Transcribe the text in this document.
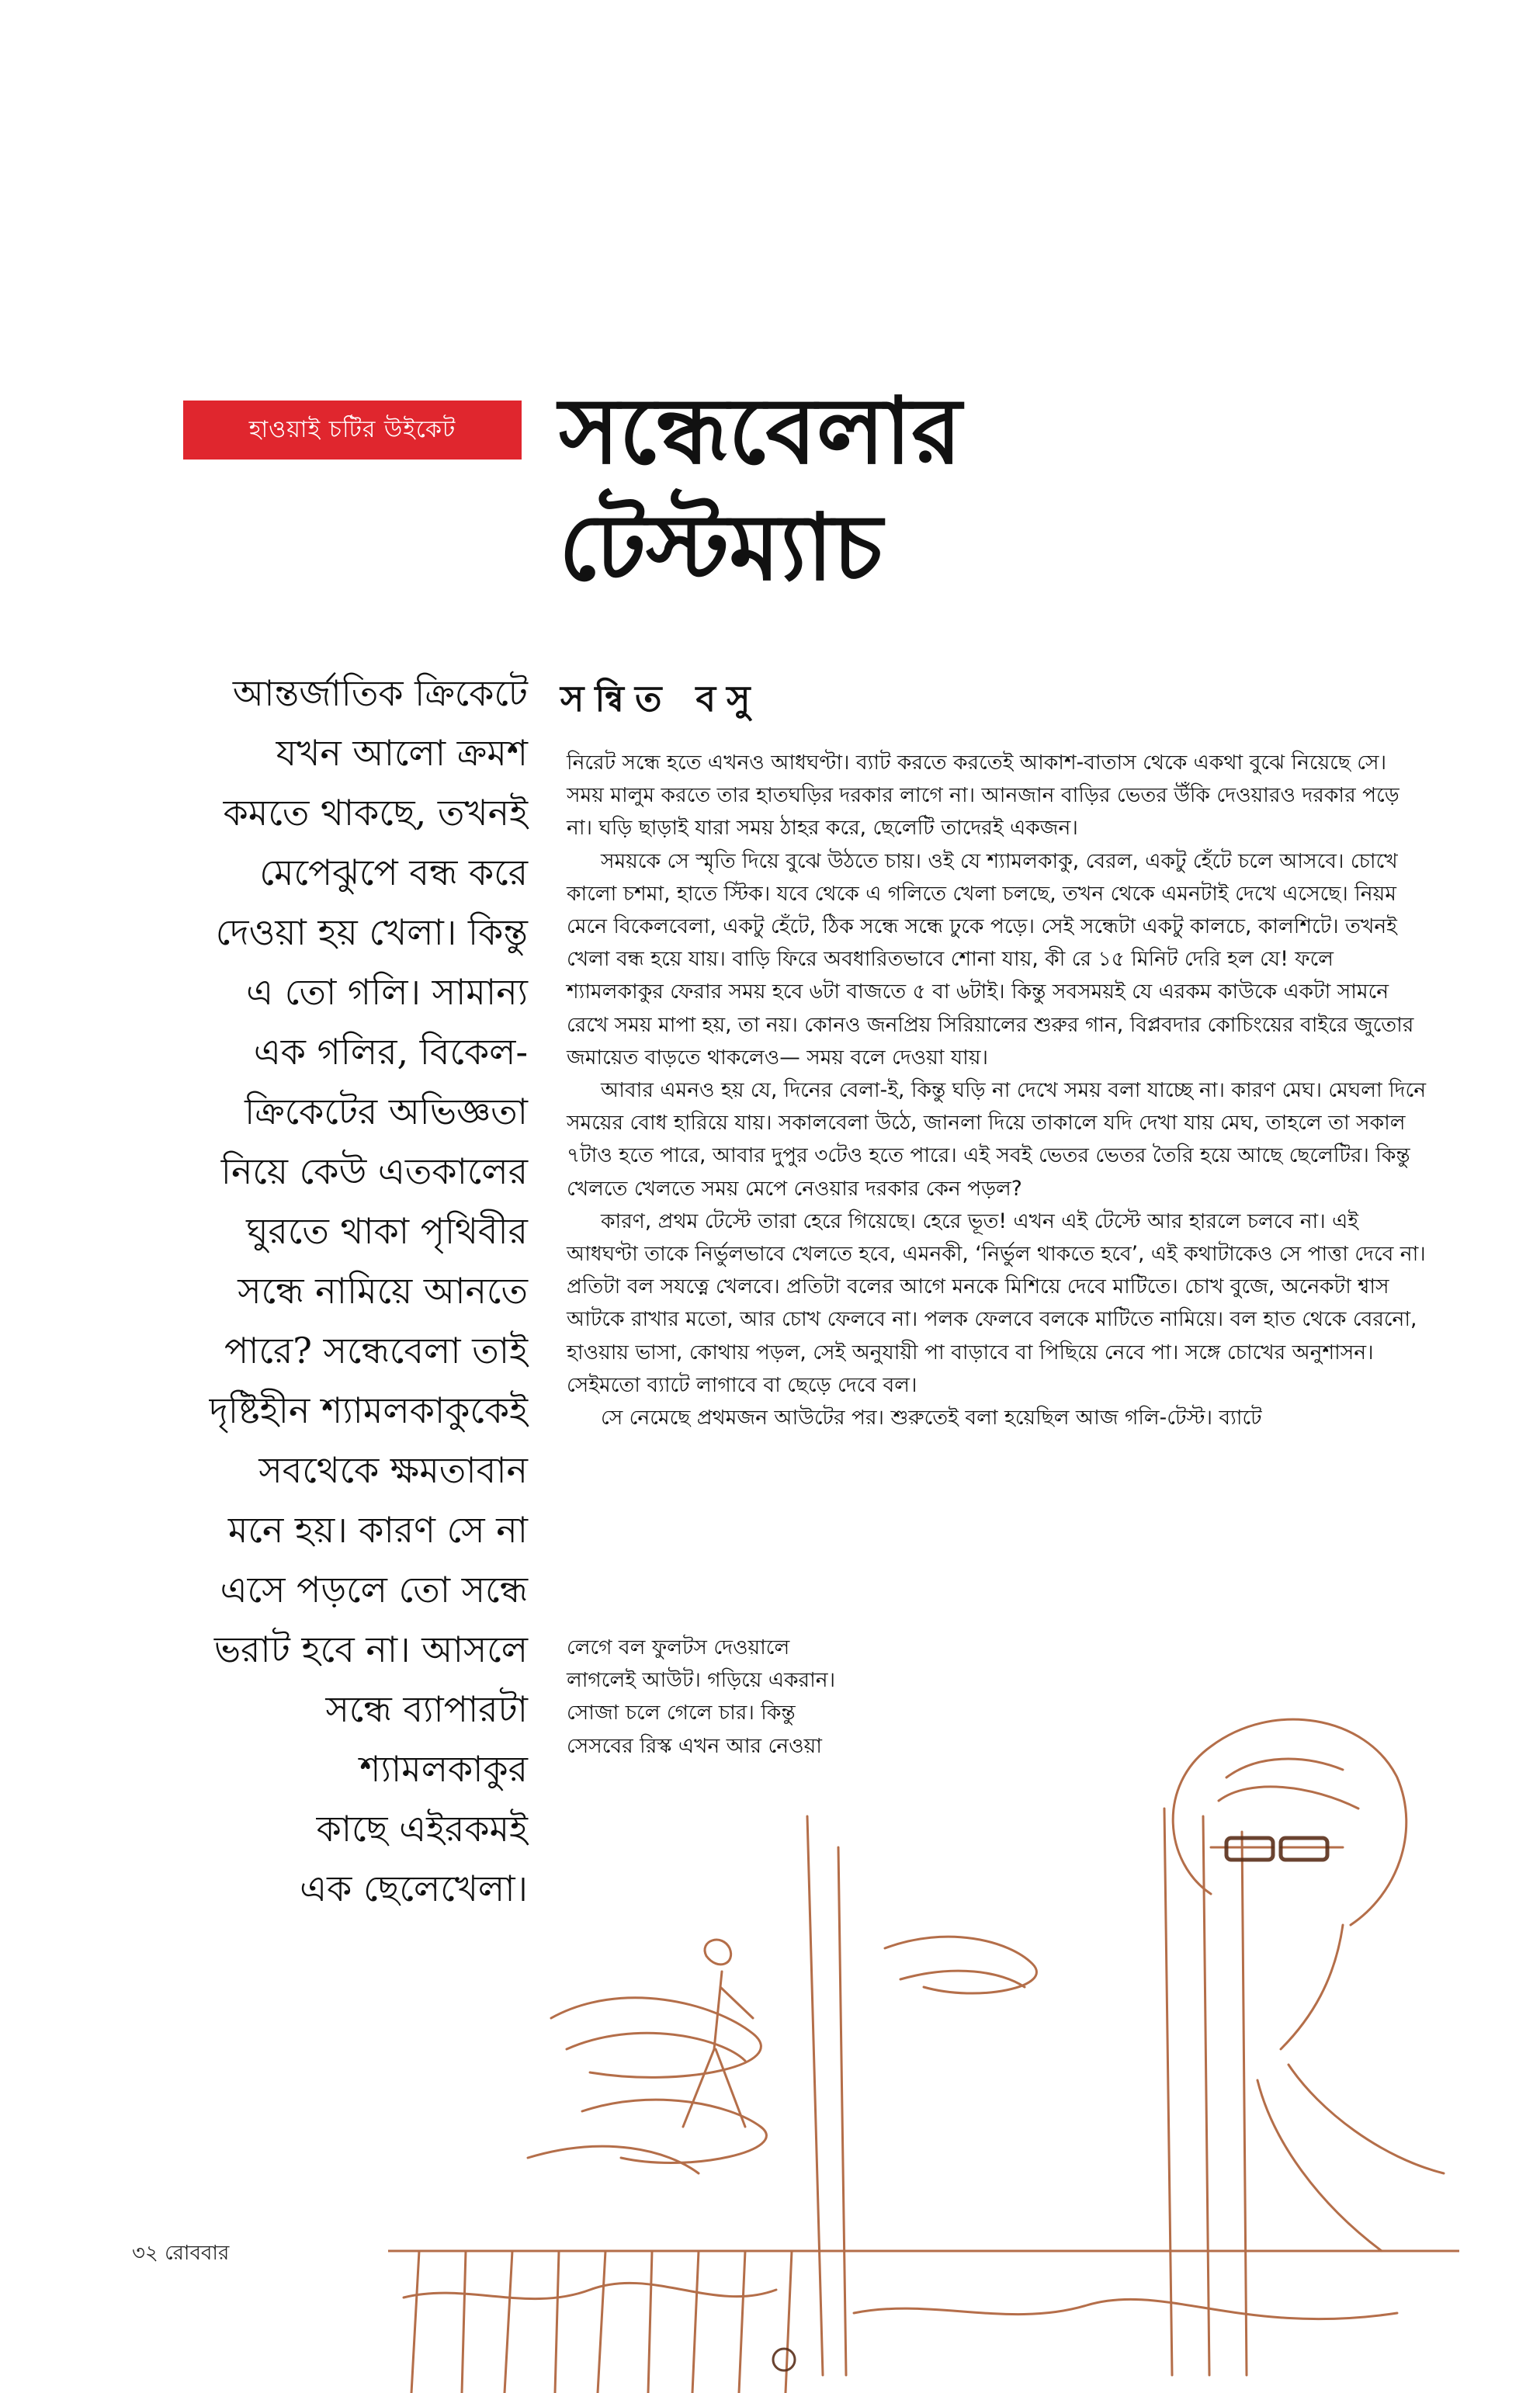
হাওয়াই চটির উইকেট	সন্ধেবেলার
টেস্টম্যাচ
সন্বিত বসু
আন্তর্জাতিক ক্রিকেটে
যখন আলো ক্রমশ
কমতে থাকছে, তখনই
মেপেঝুপে বন্ধ করে
দেওয়া হয় খেলা। কিন্তু
এ তো গলি। সামান্য
এক গলির, বিকেল-
ক্রিকেটের অভিজ্ঞতা
নিয়ে কেউ এতকালের
ঘুরতে থাকা পৃথিবীর
সন্ধে নামিয়ে আনতে
পারে? সন্ধেবেলা তাই
দৃষ্টিহীন শ্যামলকাকুকেই
সবথেকে ক্ষমতাবান
মনে হয়। কারণ সে না
এসে পড়লে তো সন্ধে
ভরাট হবে না। আসলে
সন্ধে ব্যাপারটা
শ্যামলকাকুর
কাছে এইরকমই
এক ছেলেখেলা।

নিরেট সন্ধে হতে এখনও আধঘণ্টা। ব্যাট করতে করতেই আকাশ-বাতাস থেকে একথা বুঝে নিয়েছে সে। সময় মালুম করতে তার হাতঘড়ির দরকার লাগে না। আনজান বাড়ির ভেতর উঁকি দেওয়ারও দরকার পড়ে না। ঘড়ি ছাড়াই যারা সময় ঠাহর করে, ছেলেটি তাদেরই একজন।

সময়কে সে স্মৃতি দিয়ে বুঝে উঠতে চায়। ওই যে শ্যামলকাকু, বেরল, একটু হেঁটে চলে আসবে। চোখে কালো চশমা, হাতে স্টিক। যবে থেকে এ গলিতে খেলা চলছে, তখন থেকে এমনটাই দেখে এসেছে। নিয়ম মেনে বিকেলবেলা, একটু হেঁটে, ঠিক সন্ধে সন্ধে ঢুকে পড়ে। সেই সন্ধেটা একটু কালচে, কালশিটে। তখনই খেলা বন্ধ হয়ে যায়। বাড়ি ফিরে অবধারিতভাবে শোনা যায়, কী রে ১৫ মিনিট দেরি হল যে! ফলে শ্যামলকাকুর ফেরার সময় হবে ৬টা বাজতে ৫ বা ৬টাই। কিন্তু সবসময়ই যে এরকম কাউকে একটা সামনে রেখে সময় মাপা হয়, তা নয়। কোনও জনপ্রিয় সিরিয়ালের শুরুর গান, বিপ্লবদার কোচিংয়ের বাইরে জুতোর জমায়েত বাড়তে থাকলেও— সময় বলে দেওয়া যায়।

আবার এমনও হয় যে, দিনের বেলা-ই, কিন্তু ঘড়ি না দেখে সময় বলা যাচ্ছে না। কারণ মেঘ। মেঘলা দিনে সময়ের বোধ হারিয়ে যায়। সকালবেলা উঠে, জানলা দিয়ে তাকালে যদি দেখা যায় মেঘ, তাহলে তা সকাল ৭টাও হতে পারে, আবার দুপুর ৩টেও হতে পারে। এই সবই ভেতর ভেতর তৈরি হয়ে আছে ছেলেটির। কিন্তু খেলতে খেলতে সময় মেপে নেওয়ার দরকার কেন পড়ল?

কারণ, প্রথম টেস্টে তারা হেরে গিয়েছে। হেরে ভূত! এখন এই টেস্টে আর হারলে চলবে না। এই আধঘণ্টা তাকে নির্ভুলভাবে খেলতে হবে, এমনকী, ‘নির্ভুল থাকতে হবে’, এই কথাটাকেও সে পাত্তা দেবে না। প্রতিটা বল সযত্নে খেলবে। প্রতিটা বলের আগে মনকে মিশিয়ে দেবে মাটিতে। চোখ বুজে, অনেকটা শ্বাস আটকে রাখার মতো, আর চোখ ফেলবে না। পলক ফেলবে বলকে মাটিতে নামিয়ে। বল হাত থেকে বেরনো, হাওয়ায় ভাসা, কোথায় পড়ল, সেই অনুযায়ী পা বাড়াবে বা পিছিয়ে নেবে পা। সঙ্গে চোখের অনুশাসন। সেইমতো ব্যাটে লাগাবে বা ছেড়ে দেবে বল।

সে নেমেছে প্রথমজন আউটের পর। শুরুতেই বলা হয়েছিল আজ গলি-টেস্ট। ব্যাটে

লেগে বল ফুলটস দেওয়ালে
লাগলেই আউট। গড়িয়ে একরান।
সোজা চলে গেলে চার। কিন্তু
সেসবের রিস্ক এখন আর নেওয়া
৩২ রোববার
